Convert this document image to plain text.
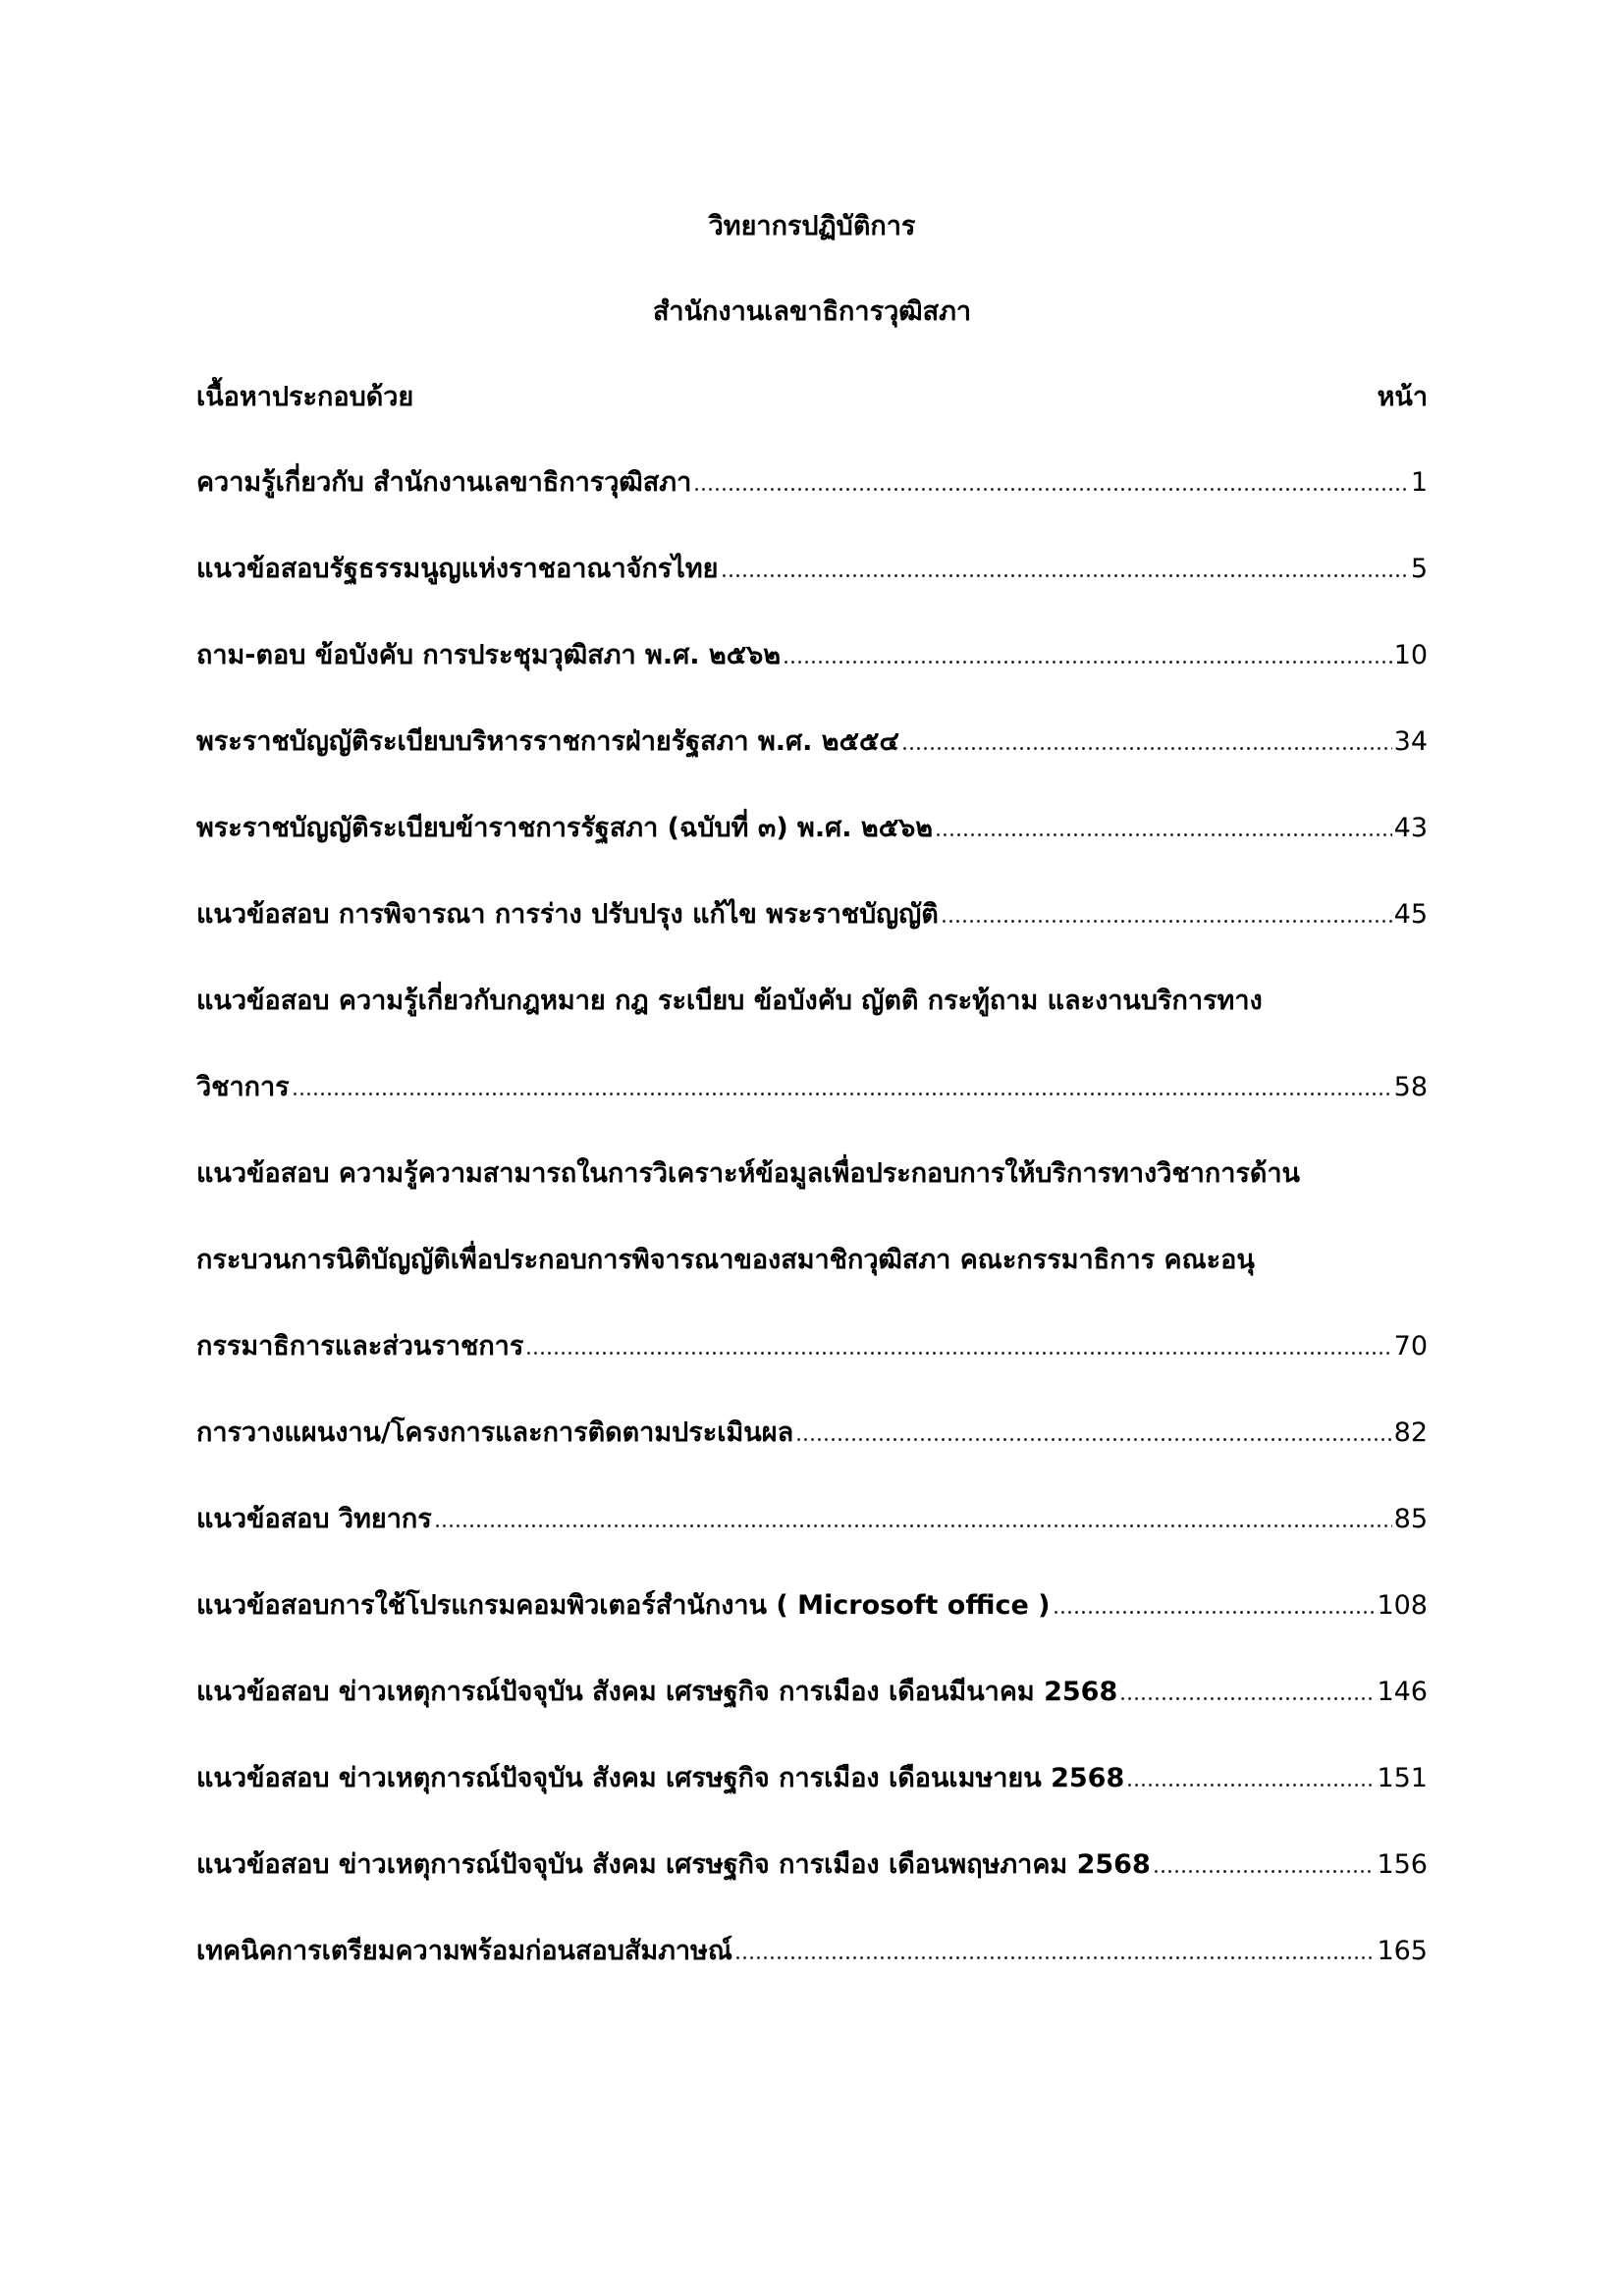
วิทยากรปฏิบัติการ
สำนักงานเลขาธิการวุฒิสภา
เนื้อหาประกอบด้วย	หน้า
ความรู้เกี่ยวกับ สำนักงานเลขาธิการวุฒิสภา	1
แนวข้อสอบรัฐธรรมนูญแห่งราชอาณาจักรไทย	5
ถาม-ตอบ ข้อบังคับ การประชุมวุฒิสภา พ.ศ. ๒๕๖๒	10
พระราชบัญญัติระเบียบบริหารราชการฝ่ายรัฐสภา พ.ศ. ๒๕๕๔	34
พระราชบัญญัติระเบียบข้าราชการรัฐสภา (ฉบับที่ ๓) พ.ศ. ๒๕๖๒	43
แนวข้อสอบ การพิจารณา การร่าง ปรับปรุง แก้ไข พระราชบัญญัติ	45
แนวข้อสอบ ความรู้เกี่ยวกับกฎหมาย กฎ ระเบียบ ข้อบังคับ ญัตติ กระทู้ถาม และงานบริการทาง
วิชาการ	58
แนวข้อสอบ ความรู้ความสามารถในการวิเคราะห์ข้อมูลเพื่อประกอบการให้บริการทางวิชาการด้าน
กระบวนการนิติบัญญัติเพื่อประกอบการพิจารณาของสมาชิกวุฒิสภา คณะกรรมาธิการ คณะอนุ
กรรมาธิการและส่วนราชการ	70
การวางแผนงาน/โครงการและการติดตามประเมินผล	82
แนวข้อสอบ วิทยากร	85
แนวข้อสอบการใช้โปรแกรมคอมพิวเตอร์สำนักงาน ( Microsoft office )	108
แนวข้อสอบ ข่าวเหตุการณ์ปัจจุบัน สังคม เศรษฐกิจ การเมือง เดือนมีนาคม 2568	146
แนวข้อสอบ ข่าวเหตุการณ์ปัจจุบัน สังคม เศรษฐกิจ การเมือง เดือนเมษายน 2568	151
แนวข้อสอบ ข่าวเหตุการณ์ปัจจุบัน สังคม เศรษฐกิจ การเมือง เดือนพฤษภาคม 2568	156
เทคนิคการเตรียมความพร้อมก่อนสอบสัมภาษณ์	165
